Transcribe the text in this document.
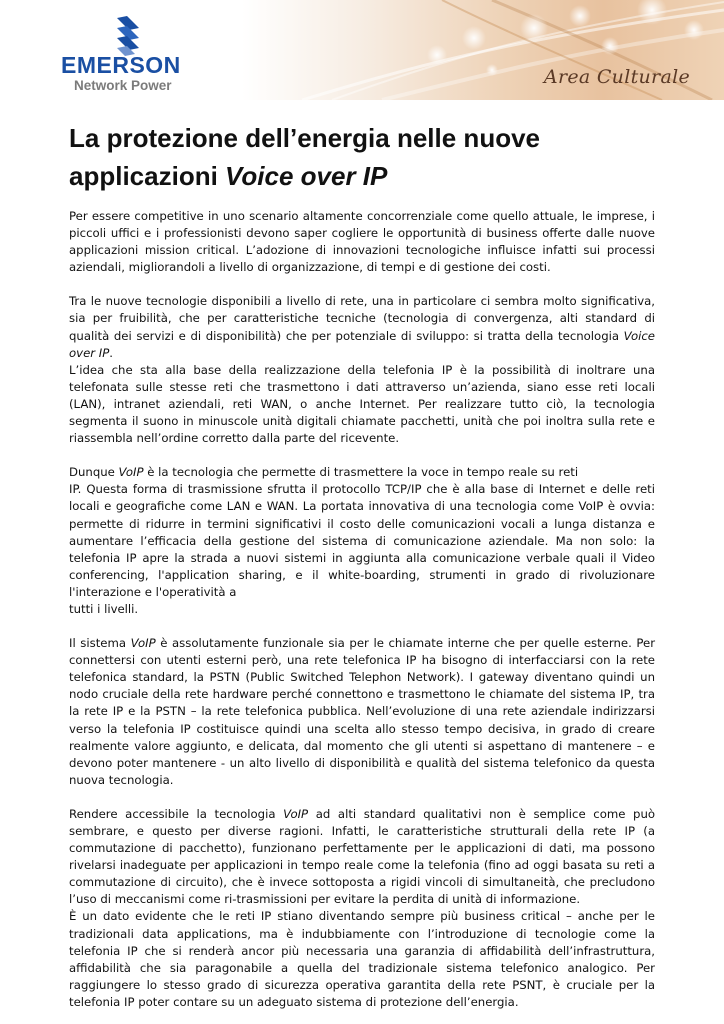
EMERSON
Network Power	Area Culturale
La protezione dell’energia nelle nuove
applicazioni Voice over IP

Per essere competitive in uno scenario altamente concorrenziale come quello attuale, le imprese, i piccoli uffici e i professionisti devono saper cogliere le opportunità di business offerte dalle nuove applicazioni mission critical. L’adozione di innovazioni tecnologiche influisce infatti sui processi aziendali, migliorandoli a livello di organizzazione, di tempi e di gestione dei costi.

Tra le nuove tecnologie disponibili a livello di rete, una in particolare ci sembra molto significativa, sia per fruibilità, che per caratteristiche tecniche (tecnologia di convergenza, alti standard di qualità dei servizi e di disponibilità) che per potenziale di sviluppo: si tratta della tecnologia Voice over IP.

L’idea che sta alla base della realizzazione della telefonia IP è la possibilità di inoltrare una telefonata sulle stesse reti che trasmettono i dati attraverso un’azienda, siano esse reti locali (LAN), intranet aziendali, reti WAN, o anche Internet. Per realizzare tutto ciò, la tecnologia segmenta il suono in minuscole unità digitali chiamate pacchetti, unità che poi inoltra sulla rete e riassembla nell’ordine corretto dalla parte del ricevente.

Dunque VoIP è la tecnologia che permette di trasmettere la voce in tempo reale su reti
IP. Questa forma di trasmissione sfrutta il protocollo TCP/IP che è alla base di Internet e delle reti locali e geografiche come LAN e WAN. La portata innovativa di una tecnologia come VoIP è ovvia: permette di ridurre in termini significativi il costo delle comunicazioni vocali a lunga distanza e aumentare l’efficacia della gestione del sistema di comunicazione aziendale. Ma non solo: la telefonia IP apre la strada a nuovi sistemi in aggiunta alla comunicazione verbale quali il Video conferencing, l'application sharing, e il white-boarding, strumenti in grado di rivoluzionare l'interazione e l'operatività a
tutti i livelli.

Il sistema VoIP è assolutamente funzionale sia per le chiamate interne che per quelle esterne. Per connettersi con utenti esterni però, una rete telefonica IP ha bisogno di interfacciarsi con la rete telefonica standard, la PSTN (Public Switched Telephon Network). I gateway diventano quindi un nodo cruciale della rete hardware perché connettono e trasmettono le chiamate del sistema IP, tra la rete IP e la PSTN – la rete telefonica pubblica. Nell’evoluzione di una rete aziendale indirizzarsi verso la telefonia IP costituisce quindi una scelta allo stesso tempo decisiva, in grado di creare realmente valore aggiunto, e delicata, dal momento che gli utenti si aspettano di mantenere – e devono poter mantenere - un alto livello di disponibilità e qualità del sistema telefonico da questa nuova tecnologia.

Rendere accessibile la tecnologia VoIP ad alti standard qualitativi non è semplice come può sembrare, e questo per diverse ragioni. Infatti, le caratteristiche strutturali della rete IP (a commutazione di pacchetto), funzionano perfettamente per le applicazioni di dati, ma possono rivelarsi inadeguate per applicazioni in tempo reale come la telefonia (fino ad oggi basata su reti a commutazione di circuito), che è invece sottoposta a rigidi vincoli di simultaneità, che precludono l’uso di meccanismi come ri-trasmissioni per evitare la perdita di unità di informazione.

È un dato evidente che le reti IP stiano diventando sempre più business critical – anche per le tradizionali data applications, ma è indubbiamente con l’introduzione di tecnologie come la telefonia IP che si renderà ancor più necessaria una garanzia di affidabilità dell’infrastruttura, affidabilità che sia paragonabile a quella del tradizionale sistema telefonico analogico. Per raggiungere lo stesso grado di sicurezza operativa garantita della rete PSNT, è cruciale per la telefonia IP poter contare su un adeguato sistema di protezione dell’energia.
